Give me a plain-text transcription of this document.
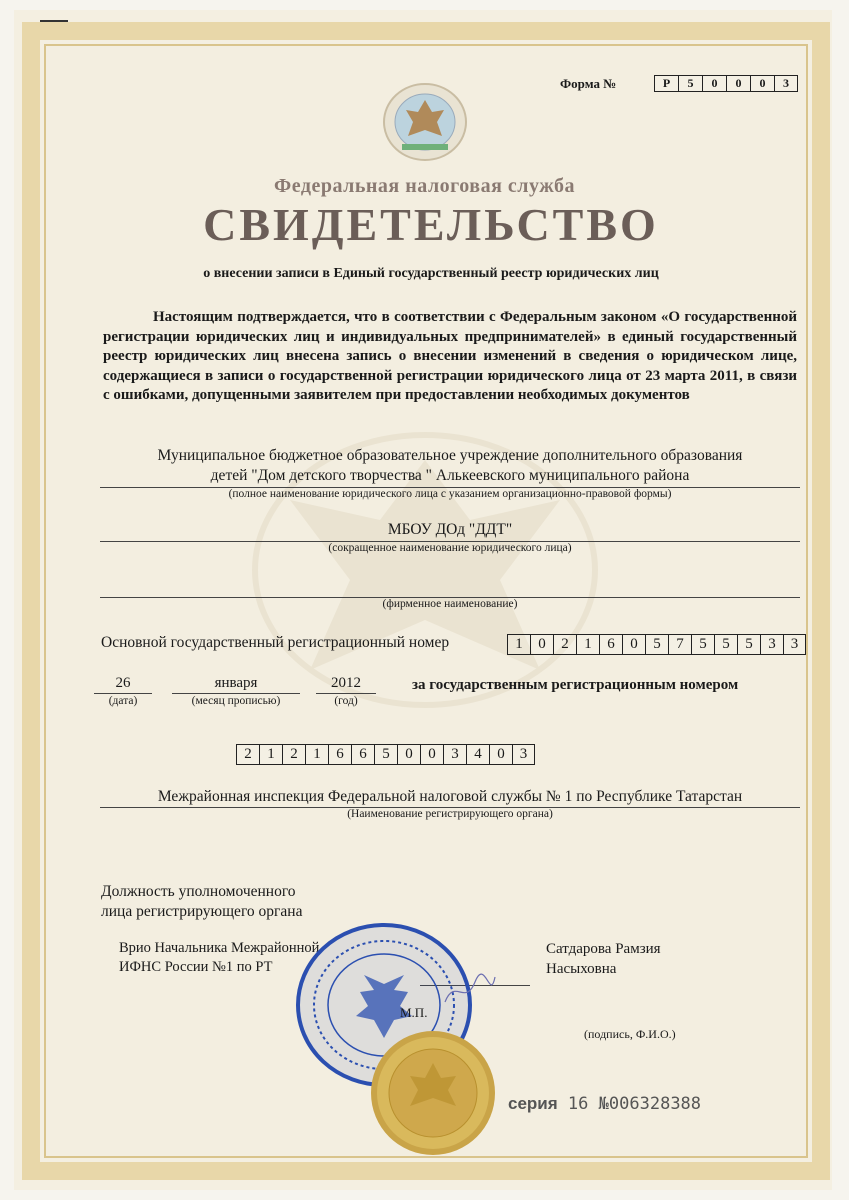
Форма №	Р	5	0	0	0	3
Федеральная налоговая служба
СВИДЕТЕЛЬСТВО
о внесении записи в Единый государственный реестр юридических лиц
Настоящим подтверждается, что в соответствии с Федеральным законом «О государственной регистрации юридических лиц и индивидуальных предпринимателей» в единый государственный реестр юридических лиц внесена запись о внесении изменений в сведения о юридическом лице, содержащиеся в записи о государственной регистрации юридического лица от 23 марта 2011, в связи с ошибками, допущенными заявителем при предоставлении необходимых документов
Муниципальное бюджетное образовательное учреждение дополнительного образования
детей "Дом детского творчества " Алькеевского муниципального района
(полное наименование юридического лица с указанием организационно-правовой формы)
МБОУ ДОд "ДДТ"
(сокращенное наименование юридического лица)
(фирменное наименование)
Основной государственный регистрационный номер	1	0	2	1	6	0	5	7	5	5	5	3	3
26
(дата)
января
(месяц прописью)
2012
(год)
за государственным регистрационным номером
2	1	2	1	6	6	5	0	0	3	4	0	3
Межрайонная инспекция Федеральной налоговой службы № 1 по Республике Татарстан
(Наименование регистрирующего органа)
Должность уполномоченного
лица регистрирующего органа
Врио Начальника Межрайонной
ИФНС России №1 по РТ
Сатдарова Рамзия
Насыховна
М.П.
(подпись, Ф.И.О.)
серия 16 №006328388
